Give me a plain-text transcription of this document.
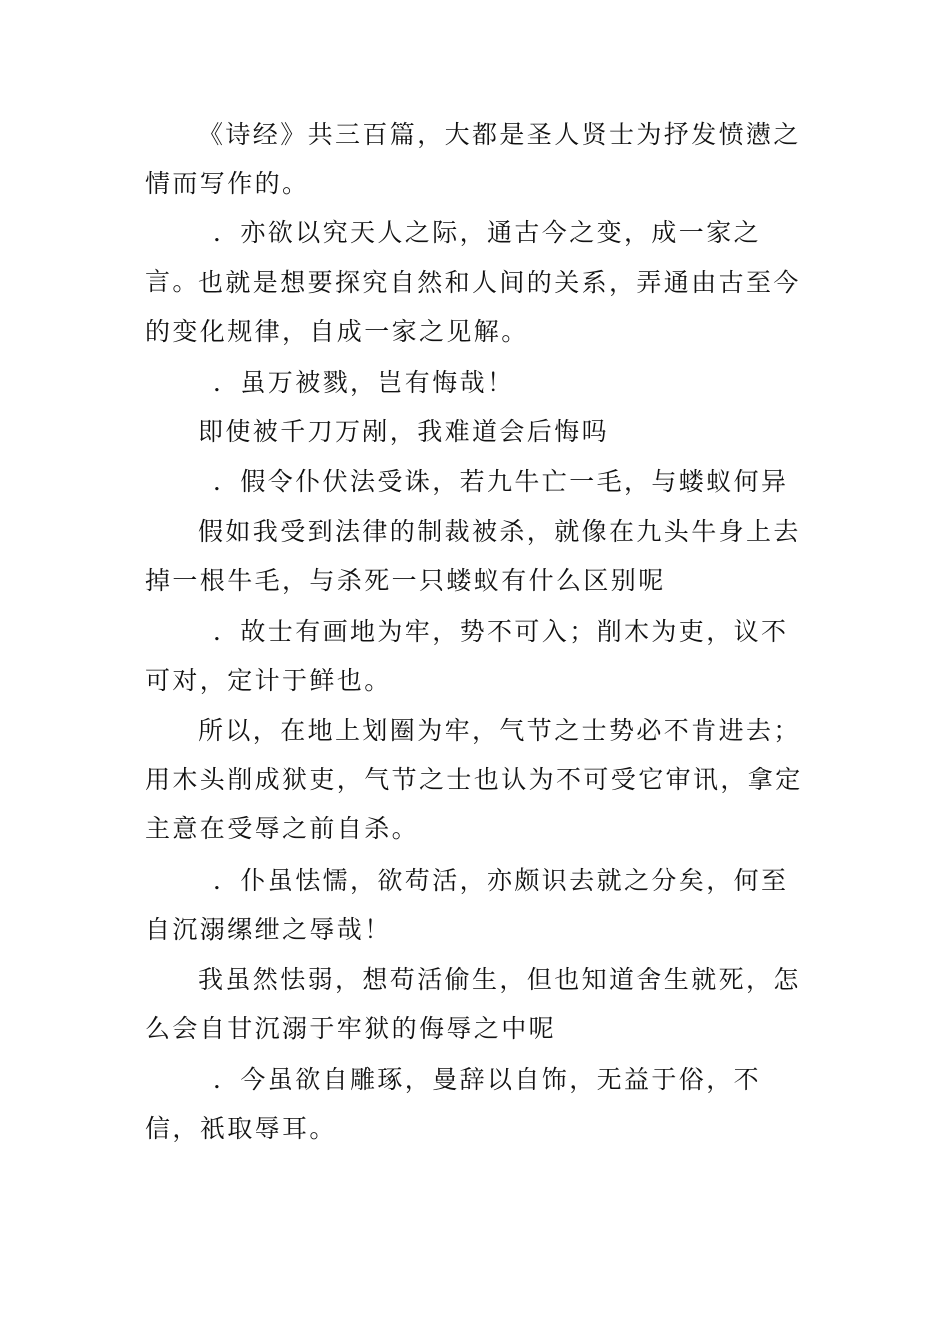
《诗经》共三百篇，大都是圣人贤士为抒发愤懑之情而写作的。

．亦欲以究天人之际，通古今之变，成一家之言。

也就是想要探究自然和人间的关系，弄通由古至今的变化规律，自成一家之见解。

．虽万被戮，岂有悔哉！

即使被千刀万剐，我难道会后悔吗

．假令仆伏法受诛，若九牛亡一毛，与蝼蚁何异

假如我受到法律的制裁被杀，就像在九头牛身上去掉一根牛毛，与杀死一只蝼蚁有什么区别呢

．故士有画地为牢，势不可入；削木为吏，议不可对，定计于鲜也。

所以，在地上划圈为牢，气节之士势必不肯进去；用木头削成狱吏，气节之士也认为不可受它审讯，拿定主意在受辱之前自杀。

．仆虽怯懦，欲苟活，亦颇识去就之分矣，何至自沉溺缧绁之辱哉！

我虽然怯弱，想苟活偷生，但也知道舍生就死，怎么会自甘沉溺于牢狱的侮辱之中呢

．今虽欲自雕琢，曼辞以自饰，无益于俗，不信，祇取辱耳。
